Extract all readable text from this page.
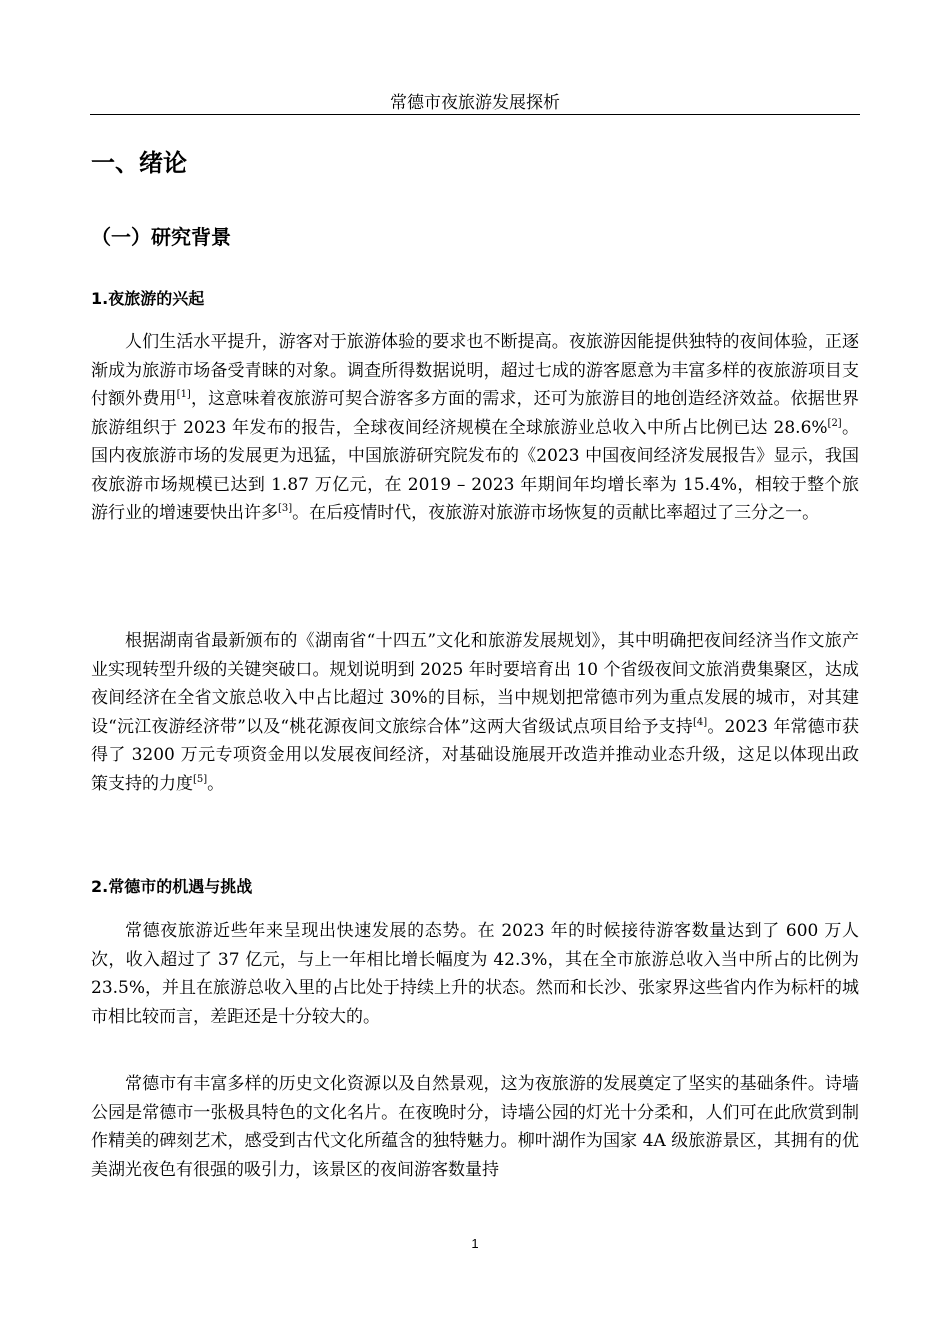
常德市夜旅游发展探析
一、绪论
（一）研究背景
1.夜旅游的兴起

人们生活水平提升，游客对于旅游体验的要求也不断提高。夜旅游因能提供独特的夜间体验，正逐渐成为旅游市场备受青睐的对象。调查所得数据说明，超过七成的游客愿意为丰富多样的夜旅游项目支付额外费用[1]，这意味着夜旅游可契合游客多方面的需求，还可为旅游目的地创造经济效益。依据世界旅游组织于 2023 年发布的报告，全球夜间经济规模在全球旅游业总收入中所占比例已达 28.6%[2]。国内夜旅游市场的发展更为迅猛，中国旅游研究院发布的《2023 中国夜间经济发展报告》显示，我国夜旅游市场规模已达到 1.87 万亿元，在 2019 – 2023 年期间年均增长率为 15.4%，相较于整个旅游行业的增速要快出许多[3]。在后疫情时代，夜旅游对旅游市场恢复的贡献比率超过了三分之一。

根据湖南省最新颁布的《湖南省“十四五”文化和旅游发展规划》，其中明确把夜间经济当作文旅产业实现转型升级的关键突破口。规划说明到 2025 年时要培育出 10 个省级夜间文旅消费集聚区，达成夜间经济在全省文旅总收入中占比超过 30%的目标，当中规划把常德市列为重点发展的城市，对其建设“沅江夜游经济带”以及“桃花源夜间文旅综合体”这两大省级试点项目给予支持[4]。2023 年常德市获得了 3200 万元专项资金用以发展夜间经济，对基础设施展开改造并推动业态升级，这足以体现出政策支持的力度[5]。

2.常德市的机遇与挑战

常德夜旅游近些年来呈现出快速发展的态势。在 2023 年的时候接待游客数量达到了 600 万人次，收入超过了 37 亿元，与上一年相比增长幅度为 42.3%，其在全市旅游总收入当中所占的比例为 23.5%，并且在旅游总收入里的占比处于持续上升的状态。然而和长沙、张家界这些省内作为标杆的城市相比较而言，差距还是十分较大的。

常德市有丰富多样的历史文化资源以及自然景观，这为夜旅游的发展奠定了坚实的基础条件。诗墙公园是常德市一张极具特色的文化名片。在夜晚时分，诗墙公园的灯光十分柔和，人们可在此欣赏到制作精美的碑刻艺术，感受到古代文化所蕴含的独特魅力。柳叶湖作为国家 4A 级旅游景区，其拥有的优美湖光夜色有很强的吸引力，该景区的夜间游客数量持

1
